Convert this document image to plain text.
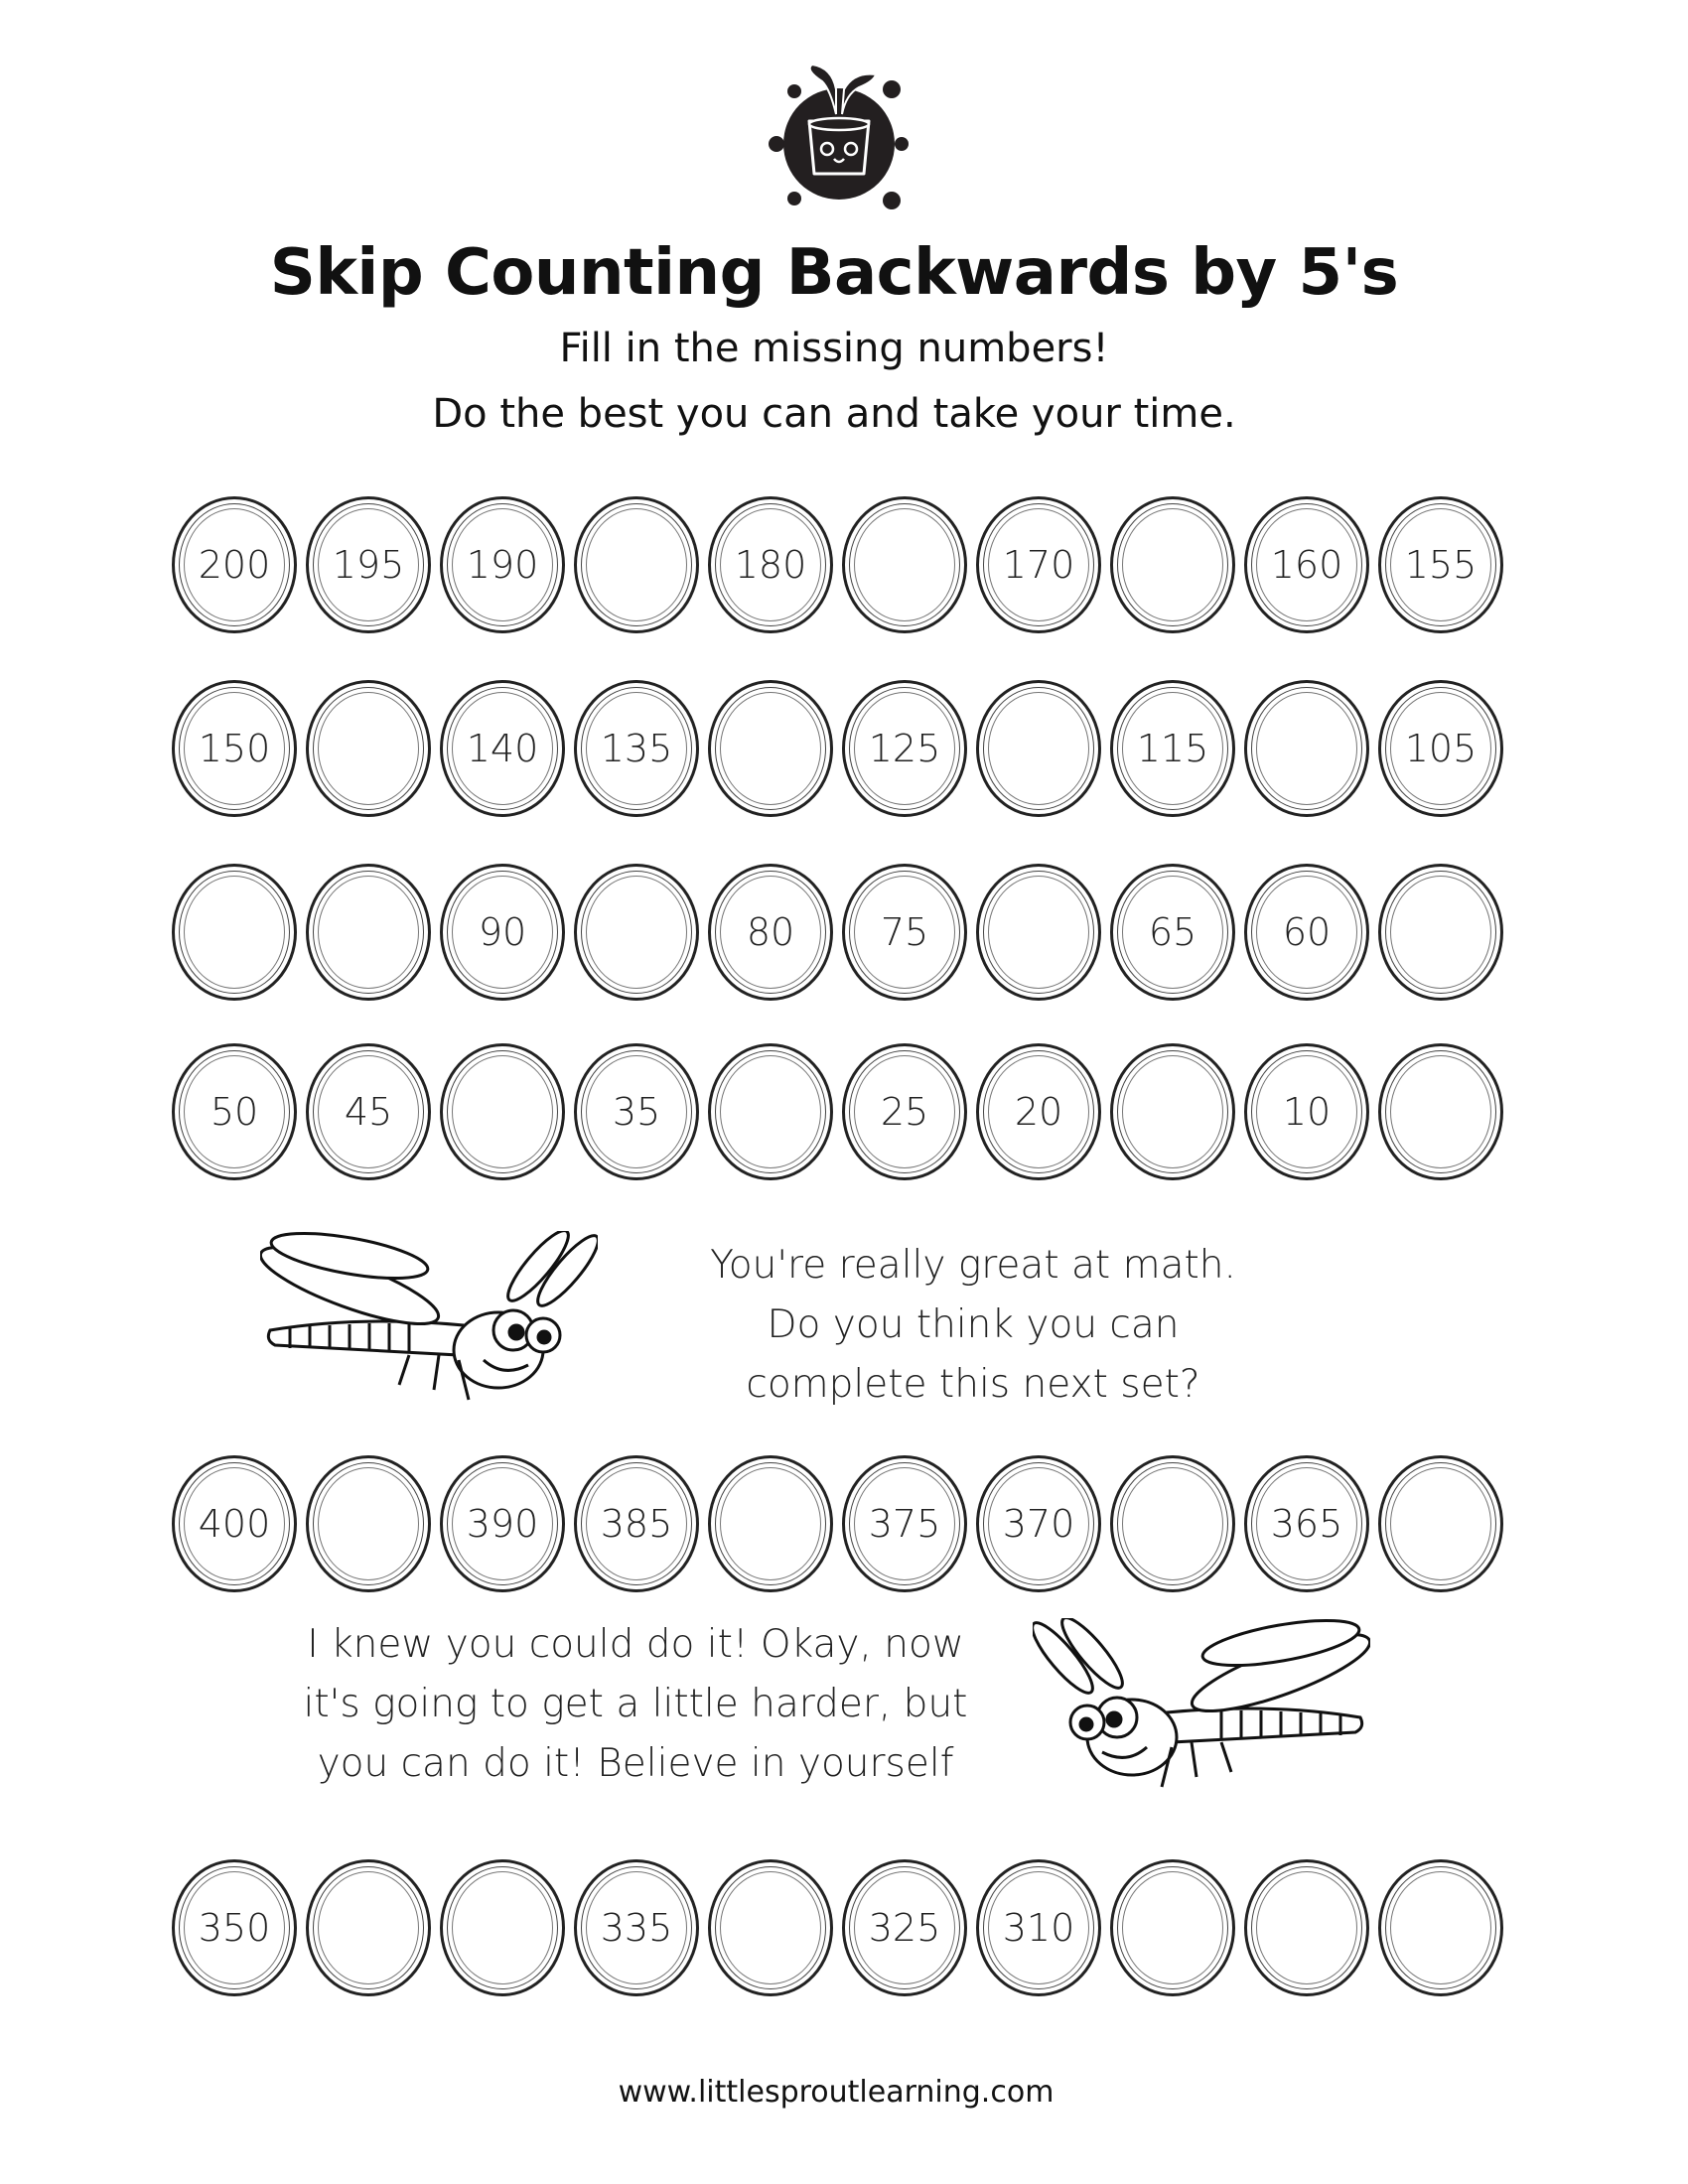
Skip Counting Backwards by 5's
Fill in the missing numbers!
Do the best you can and take your time.
200 195 190	180	170	160 155
150	140 135	125	115	105
90	80 75	65 60
50 45	35	25 20	10
400	390 385	375 370	365
350	335	325 310
You're really great at math.
Do you think you can
complete this next set?
I knew you could do it! Okay, now
it's going to get a little harder, but
you can do it! Believe in yourself
www.littlesproutlearning.com
